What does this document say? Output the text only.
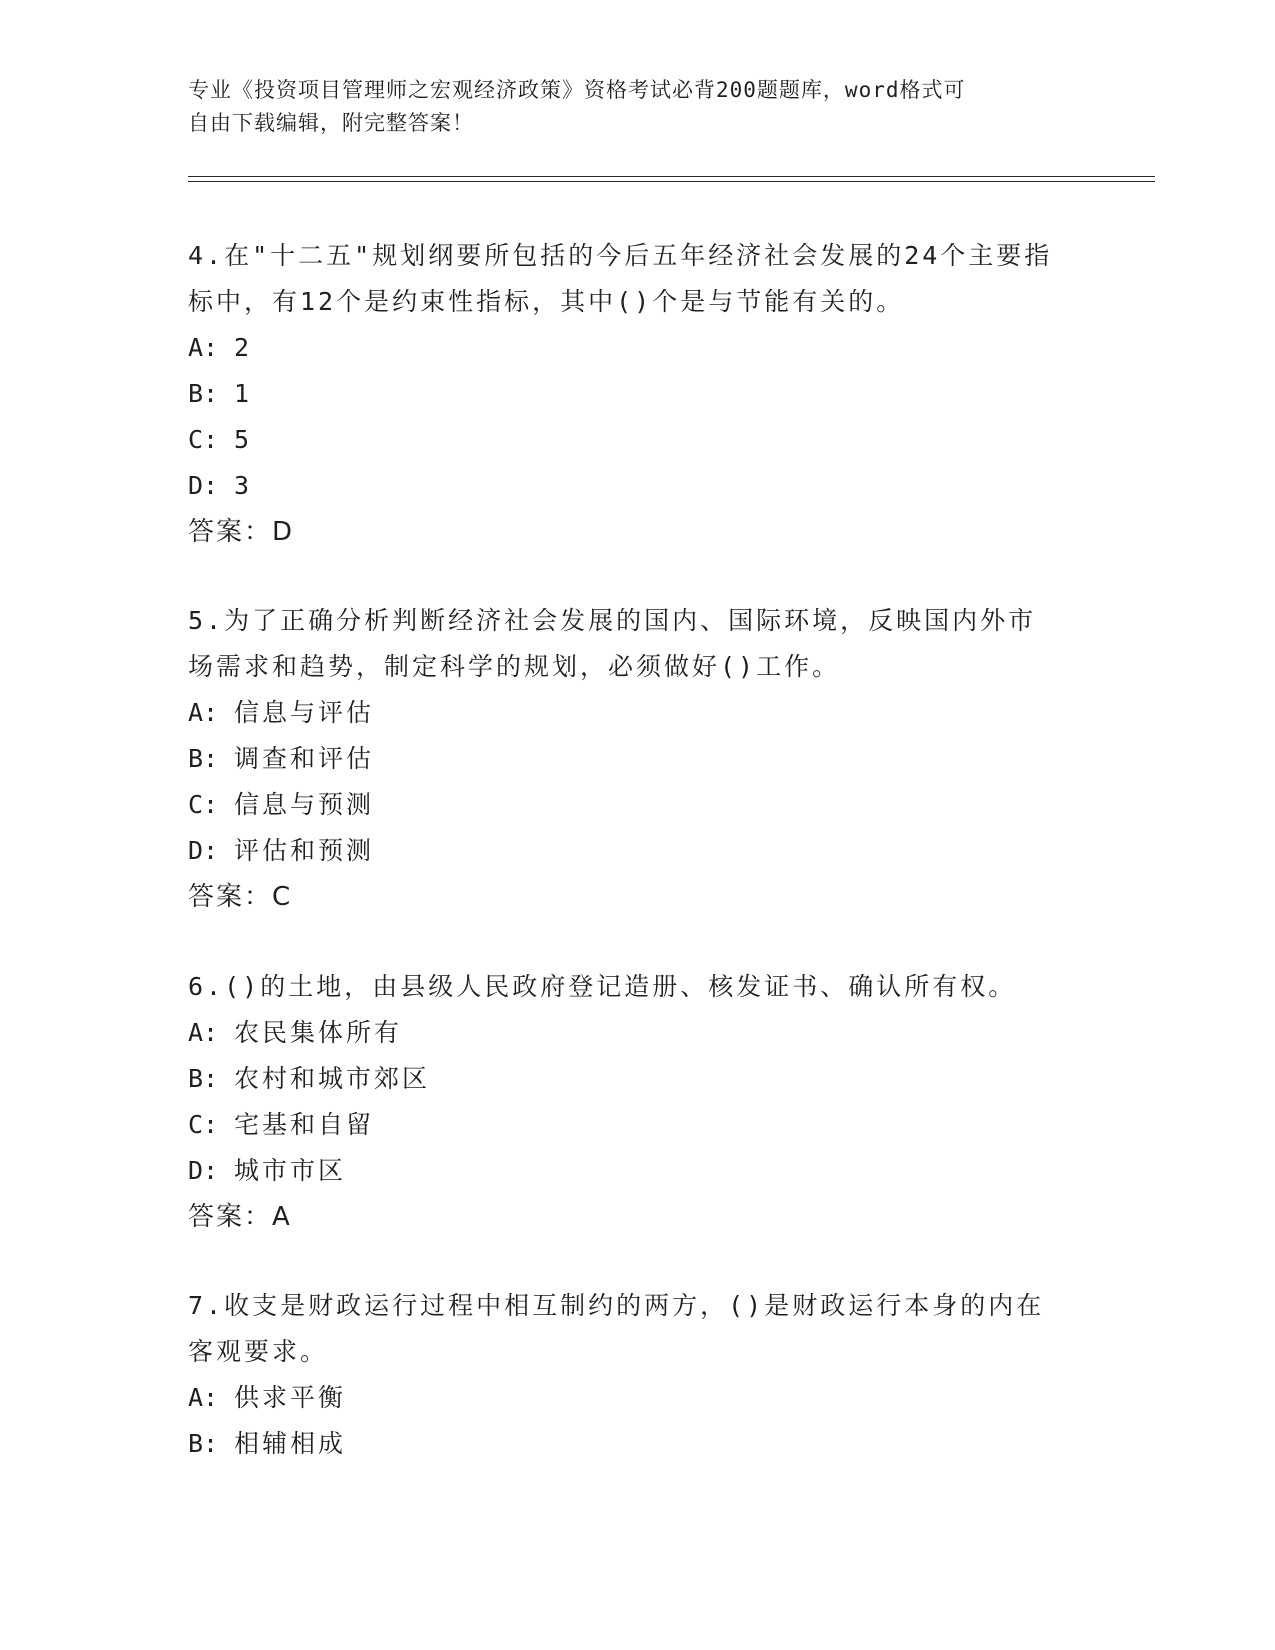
专业《投资项目管理师之宏观经济政策》资格考试必背200题题库，word格式可
自由下载编辑，附完整答案！

4.在"十二五"规划纲要所包括的今后五年经济社会发展的24个主要指
标中，有12个是约束性指标，其中()个是与节能有关的。

A: 2

B: 1

C: 5

D: 3

答案：D

5.为了正确分析判断经济社会发展的国内、国际环境，反映国内外市
场需求和趋势，制定科学的规划，必须做好()工作。

A: 信息与评估

B: 调查和评估

C: 信息与预测

D: 评估和预测

答案：C

6.()的土地，由县级人民政府登记造册、核发证书、确认所有权。

A: 农民集体所有

B: 农村和城市郊区

C: 宅基和自留

D: 城市市区

答案：A

7.收支是财政运行过程中相互制约的两方，()是财政运行本身的内在
客观要求。

A: 供求平衡

B: 相辅相成
